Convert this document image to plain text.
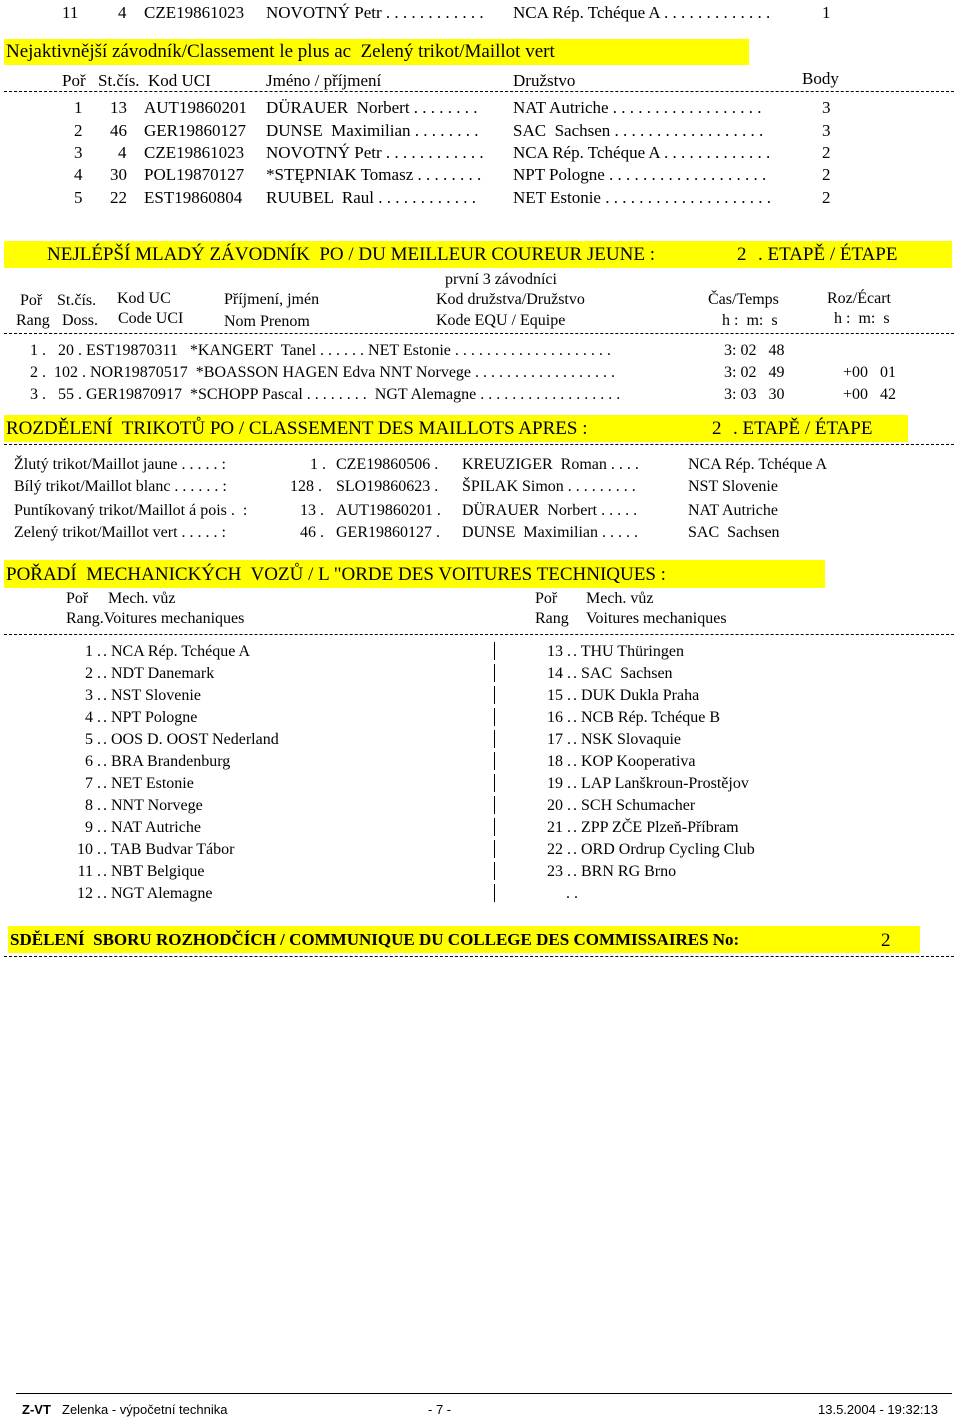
11 4 CZE19861023 NOVOTNÝ Petr . . . . . . . . . . . . NCA Rép. Tchéque A . . . . . . . . . . . . .	1
Nejaktivnější závodník/Classement le plus ac  Zelený trikot/Maillot vert
Poř St.čís. Kod UCI	Jméno / příjmení	Družstvo	Body
1 13 AUT19860201 DÜRAUER  Norbert . . . . . . . . NAT Autriche . . . . . . . . . . . . . . . . . .	3
2 46 GER19860127 DUNSE  Maximilian . . . . . . . . SAC  Sachsen . . . . . . . . . . . . . . . . . .	3
3 4 CZE19861023 NOVOTNÝ Petr . . . . . . . . . . . . NCA Rép. Tchéque A . . . . . . . . . . . . .	2
4 30 POL19870127 *STĘPNIAK Tomasz . . . . . . . . NPT Pologne . . . . . . . . . . . . . . . . . . .	2
5 22 EST19860804 RUUBEL  Raul . . . . . . . . . . . . NET Estonie . . . . . . . . . . . . . . . . . . . .	2
NEJLÉPŠÍ MLADÝ ZÁVODNÍK  PO / DU MEILLEUR COUREUR JEUNE :	2 . ETAPĚ / ÉTAPE
první 3 závodníci
Poř St.čís. Kod UC	Příjmení, jmén	Kod družstva/Družstvo	Čas/Temps	Roz/Écart
Rang Doss. Code UCI	Nom Prenom	Kode EQU / Equipe	h :  m:  s	h :  m:  s
1 .   20 . EST19870311   *KANGERT  Tanel . . . . . . NET Estonie . . . . . . . . . . . . . . . . . . . .	3: 02   48
2 .  102 . NOR19870517  *BOASSON HAGEN Edva NNT Norvege . . . . . . . . . . . . . . . . . .	3: 02   49	+00   01
3 .   55 . GER19870917  *SCHOPP Pascal . . . . . . . .  NGT Alemagne . . . . . . . . . . . . . . . . . .	3: 03   30	+00   42
ROZDĚLENÍ  TRIKOTŮ PO / CLASSEMENT DES MAILLOTS APRES :	2 . ETAPĚ / ÉTAPE
Žlutý trikot/Maillot jaune . . . . . :	1 . CZE19860506 . KREUZIGER  Roman . . . .	NCA Rép. Tchéque A
Bílý trikot/Maillot blanc . . . . . . :	128 . SLO19860623 . ŠPILAK Simon . . . . . . . . .	NST Slovenie
Puntíkovaný trikot/Maillot á pois .  :	13 . AUT19860201 . DÜRAUER  Norbert . . . . .	NAT Autriche
Zelený trikot/Maillot vert . . . . . :	46 . GER19860127 . DUNSE  Maximilian . . . . .	SAC  Sachsen
POŘADÍ  MECHANICKÝCH  VOZŮ / L "ORDE DES VOITURES TECHNIQUES :
Poř Mech. vůz
Rang.Voitures mechaniques
Poř Mech. vůz
Rang Voitures mechaniques
1 . . NCA Rép. Tchéque A	13 . . THU Thüringen
2 . . NDT Danemark	14 . . SAC  Sachsen
3 . . NST Slovenie	15 . . DUK Dukla Praha
4 . . NPT Pologne	16 . . NCB Rép. Tchéque B
5 . . OOS D. OOST Nederland	17 . . NSK Slovaquie
6 . . BRA Brandenburg	18 . . KOP Kooperativa
7 . . NET Estonie	19 . . LAP Lanškroun-Prostějov
8 . . NNT Norvege	20 . . SCH Schumacher
9 . . NAT Autriche	21 . . ZPP ZČE Plzeň-Příbram
10 . . TAB Budvar Tábor	22 . . ORD Ordrup Cycling Club
11 . . NBT Belgique	23 . . BRN RG Brno
12 . . NGT Alemagne	. .
SDĚLENÍ  SBORU ROZHODČÍCH / COMMUNIQUE DU COLLEGE DES COMMISSAIRES No:	2
Z-VT Zelenka - výpočetní technika	- 7 -	13.5.2004 - 19:32:13
